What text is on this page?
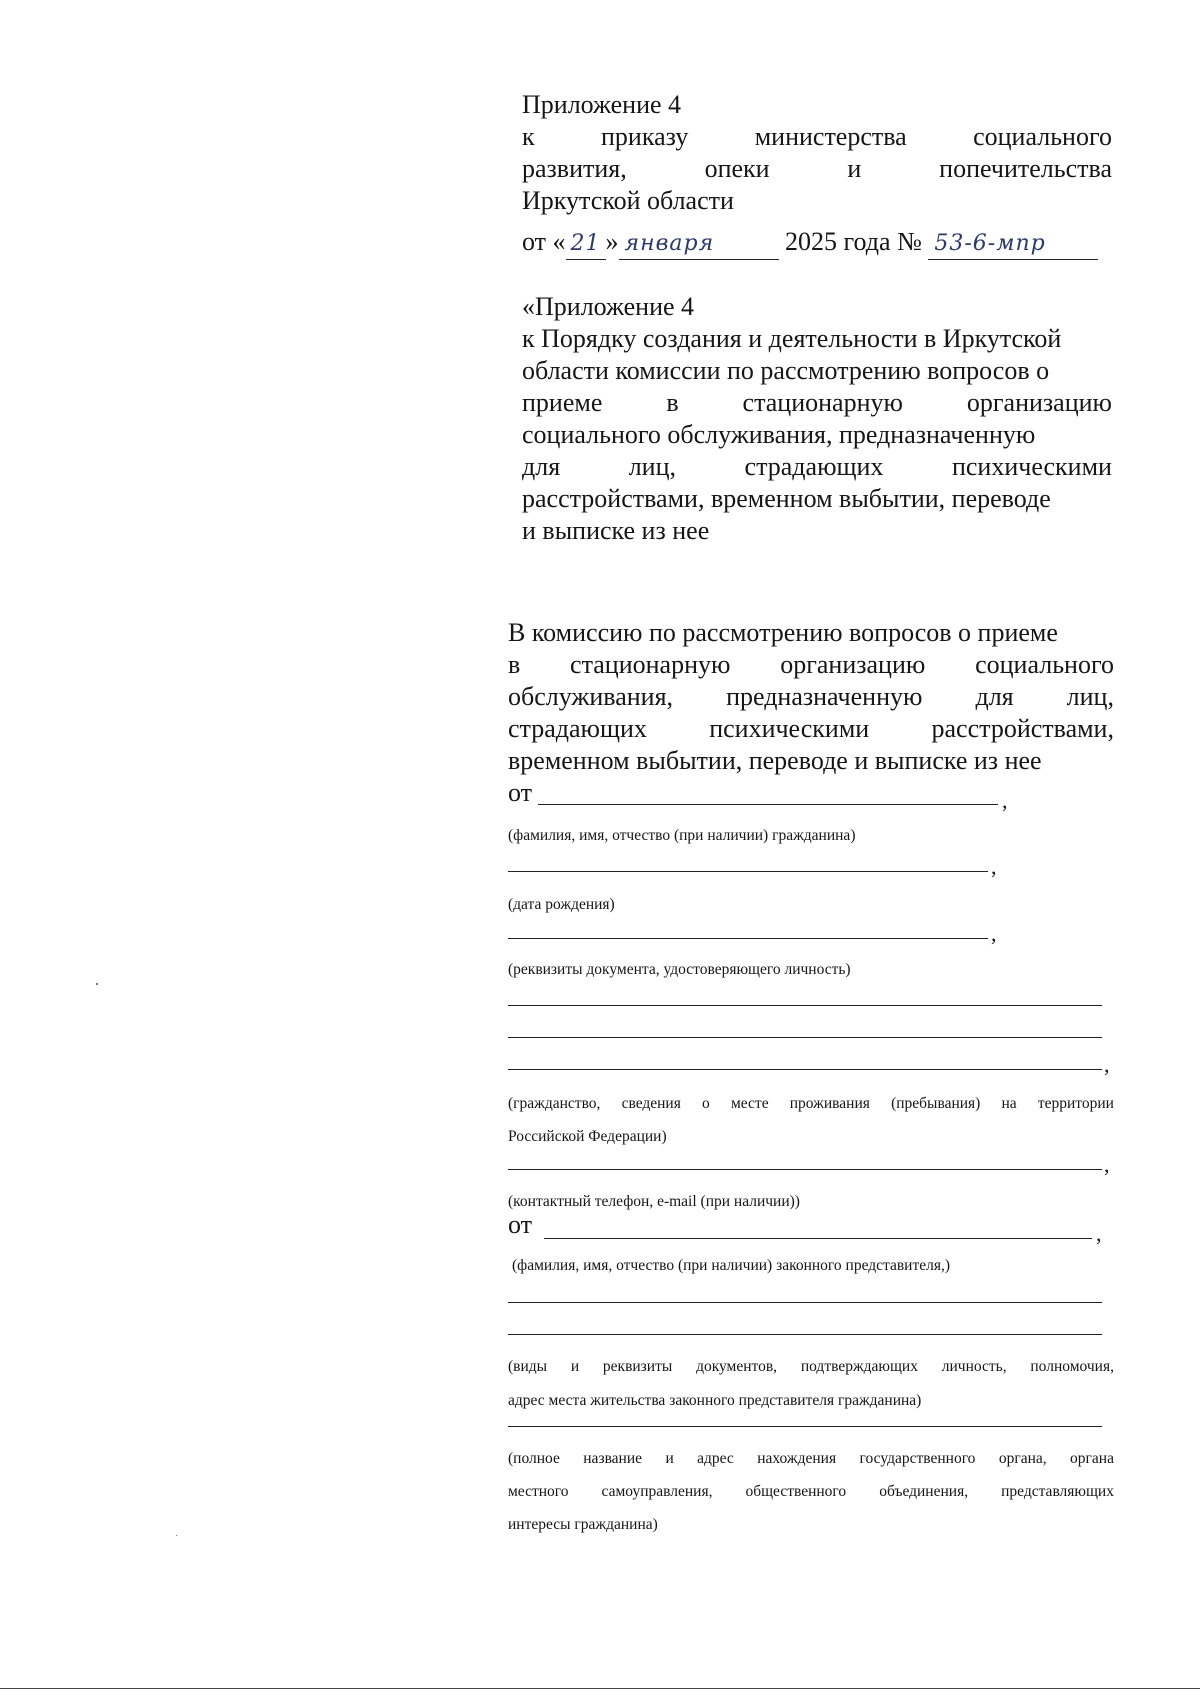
Приложение 4
к	приказу	министерства	социального
развития,	опеки	и	попечительства
Иркутской области
от « 21 » января	2025 года № 53-6-мпр
«Приложение 4
к Порядку создания и деятельности в Иркутской
области комиссии по рассмотрению вопросов о
приеме в стационарную организацию
социального обслуживания, предназначенную
для	лиц,	страдающих	психическими
расстройствами, временном выбытии, переводе
и выписке из нее
В комиссию по рассмотрению вопросов о приеме
в стационарную организацию социального
обслуживания, предназначенную для лиц,
страдающих психическими расстройствами,
временном выбытии, переводе и выписке из нее
от	,
(фамилия, имя, отчество (при наличии) гражданина)
,
(дата рождения)
,
(реквизиты документа, удостоверяющего личность)
,
(гражданство, сведения о месте проживания (пребывания) на территории
Российской Федерации)
,
(контактный телефон, e-mail (при наличии))
от	,
(фамилия, имя, отчество (при наличии) законного представителя,)
(виды и реквизиты документов, подтверждающих личность, полномочия,
адрес места жительства законного представителя гражданина)
(полное название и адрес нахождения государственного органа, органа
местного самоуправления, общественного объединения, представляющих
интересы гражданина)
